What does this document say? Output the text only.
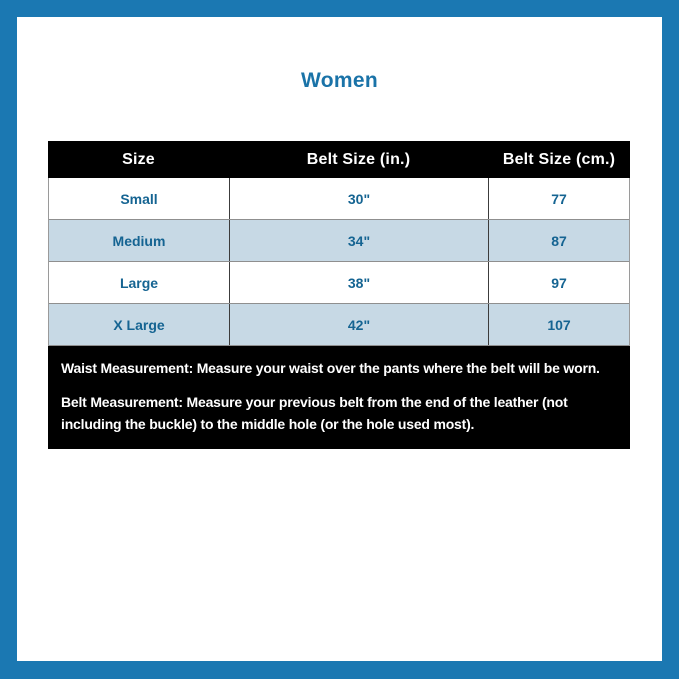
Women
Size	Belt Size (in.)	Belt Size (cm.)
Small	30"	77
Medium	34"	87
Large	38"	97
X Large	42"	107

Waist Measurement: Measure your waist over the pants where the belt will be worn.

Belt Measurement: Measure your previous belt from the end of the leather (not including the buckle) to the middle hole (or the hole used most).
